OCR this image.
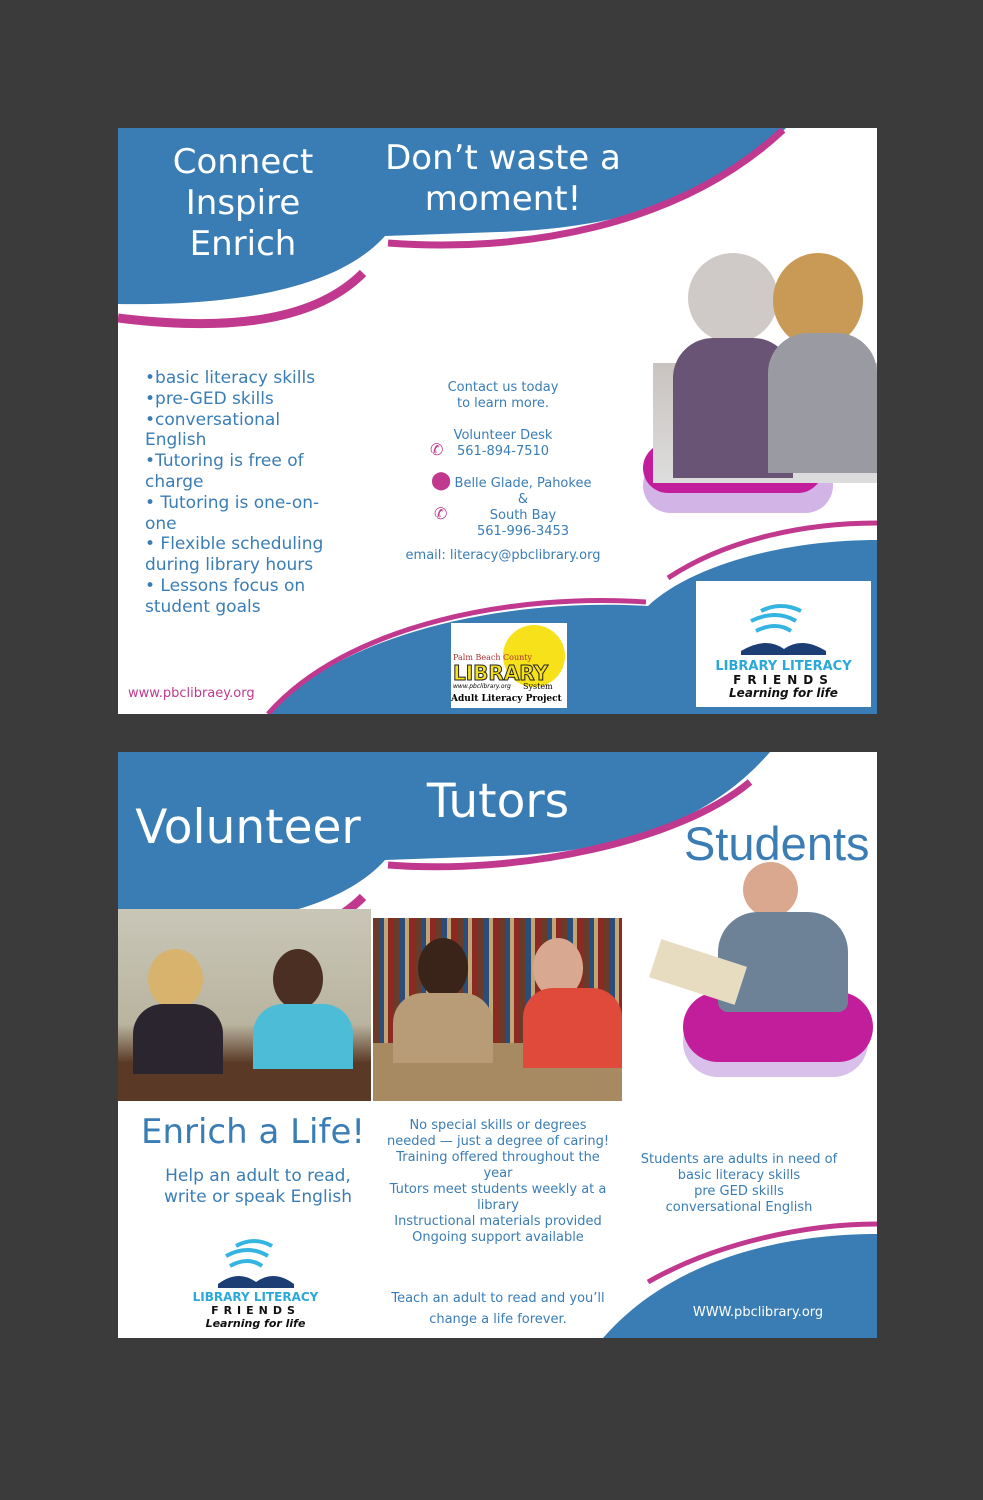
Connect
Inspire
Enrich
Don’t waste a
moment!
•basic literacy skills
•pre-GED skills
•conversational English
•Tutoring is free of charge
• Tutoring is one-on-one
• Flexible scheduling during library hours
• Lessons focus on student goals
Contact us today
to learn more.
✆
Volunteer Desk
561-894-7510
⬤
✆
Belle Glade, Pahokee &
South Bay
561-996-3453
email: literacy@pbclibrary.org
www.pbclibraey.org
Palm Beach County
LIBRARY
www.pbclibrary.org System
Adult Literacy Project
LIBRARY LITERACY
FRIENDS
Learning for life
Volunteer	Tutors
Students
Enrich a Life!
Help an adult to read,
write or speak English
LIBRARY LITERACY
FRIENDS
Learning for life
No special skills or degrees
needed — just a degree of caring!
Training offered throughout the
year
Tutors meet students weekly at a
library
Instructional materials provided
Ongoing support available
Teach an adult to read and you’ll
change a life forever.
Students are adults in need of
basic literacy skills
pre GED skills
conversational English
WWW.pbclibrary.org
